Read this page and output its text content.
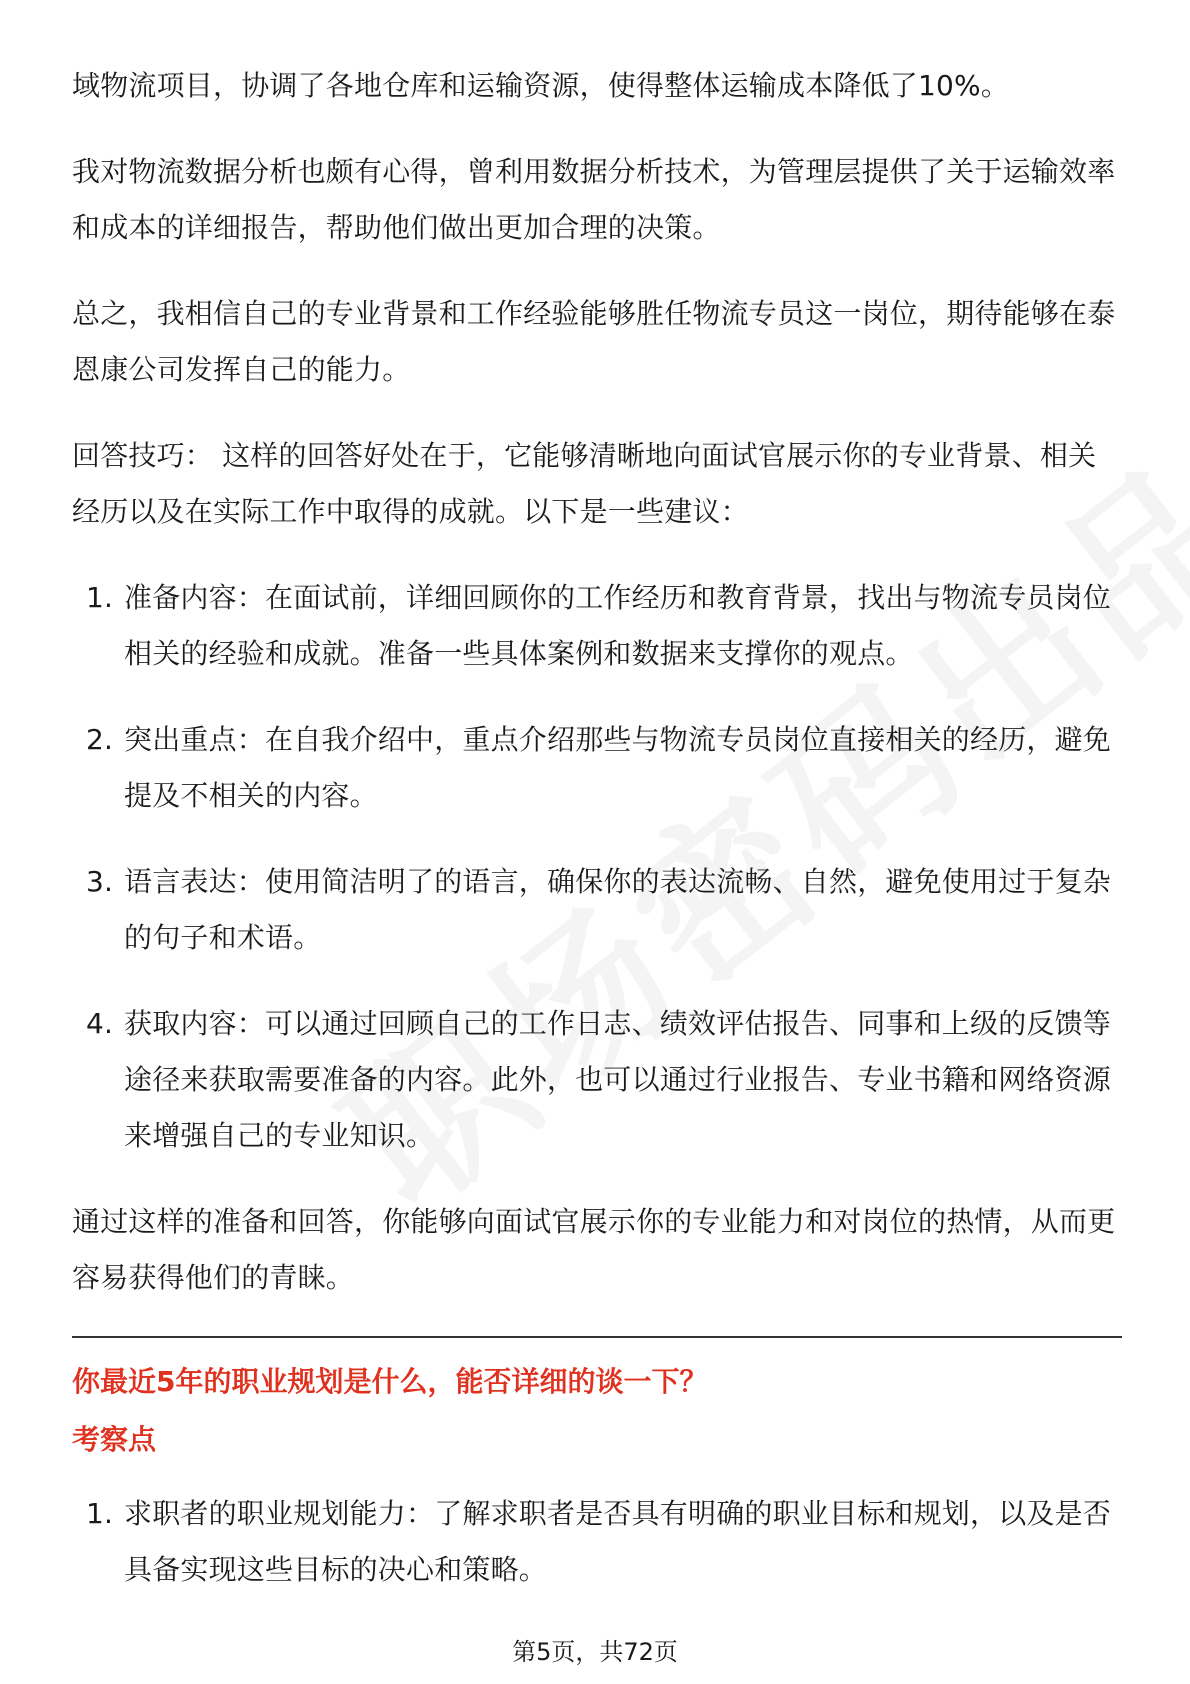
域物流项目，协调了各地仓库和运输资源，使得整体运输成本降低了10%。

我对物流数据分析也颇有心得，曾利用数据分析技术，为管理层提供了关于运输效率和成本的详细报告，帮助他们做出更加合理的决策。

总之，我相信自己的专业背景和工作经验能够胜任物流专员这一岗位，期待能够在泰恩康公司发挥自己的能力。

回答技巧： 这样的回答好处在于，它能够清晰地向面试官展示你的专业背景、相关经历以及在实际工作中取得的成就。以下是一些建议：

1. 准备内容：在面试前，详细回顾你的工作经历和教育背景，找出与物流专员岗位相关的经验和成就。准备一些具体案例和数据来支撑你的观点。
2. 突出重点：在自我介绍中，重点介绍那些与物流专员岗位直接相关的经历，避免提及不相关的内容。
3. 语言表达：使用简洁明了的语言，确保你的表达流畅、自然，避免使用过于复杂的句子和术语。
4. 获取内容：可以通过回顾自己的工作日志、绩效评估报告、同事和上级的反馈等途径来获取需要准备的内容。此外，也可以通过行业报告、专业书籍和网络资源来增强自己的专业知识。

通过这样的准备和回答，你能够向面试官展示你的专业能力和对岗位的热情，从而更容易获得他们的青睐。

你最近5年的职业规划是什么，能否详细的谈一下？

考察点

1. 求职者的职业规划能力：了解求职者是否具有明确的职业目标和规划，以及是否具备实现这些目标的决心和策略。
第5页，共72页
